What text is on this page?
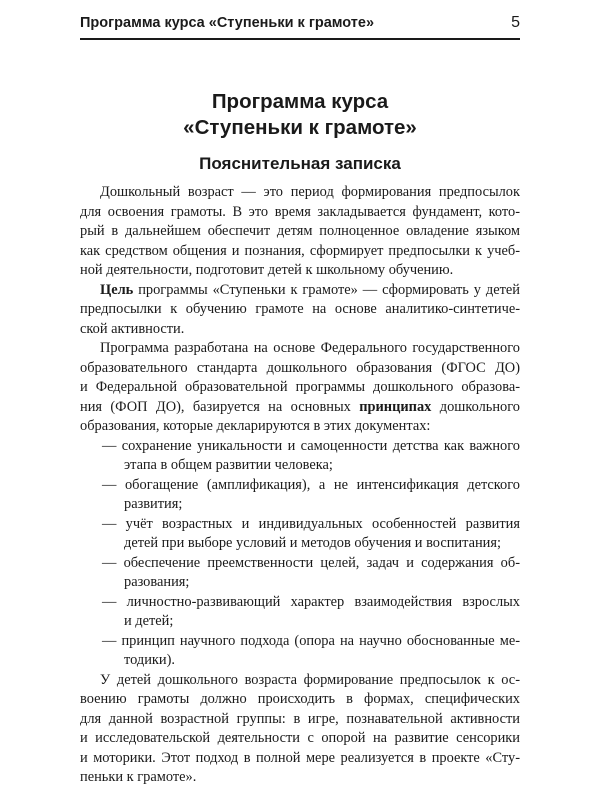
Программа курса «Ступеньки к грамоте»	5
Программа курса
«Ступеньки к грамоте»
Пояснительная записка
Дошкольный возраст — это период формирования предпосылок
для освоения грамоты. В это время закладывается фундамент, кото-
рый в дальнейшем обеспечит детям полноценное овладение языком
как средством общения и познания, сформирует предпосылки к учеб-
ной деятельности, подготовит детей к школьному обучению.
Цель программы «Ступеньки к грамоте» — сформировать у детей
предпосылки к обучению грамоте на основе аналитико-синтетиче-
ской активности.
Программа разработана на основе Федерального государственного
образовательного стандарта дошкольного образования (ФГОС ДО)
и Федеральной образовательной программы дошкольного образова-
ния (ФОП ДО), базируется на основных принципах дошкольного
образования, которые декларируются в этих документах:
— сохранение уникальности и самоценности детства как важного
этапа в общем развитии человека;
— обогащение (амплификация), а не интенсификация детского
развития;
— учёт возрастных и индивидуальных особенностей развития
детей при выборе условий и методов обучения и воспитания;
— обеспечение преемственности целей, задач и содержания об-
разования;
— личностно-развивающий характер взаимодействия взрослых
и детей;
— принцип научного подхода (опора на научно обоснованные ме-
тодики).
У детей дошкольного возраста формирование предпосылок к ос-
воению грамоты должно происходить в формах, специфических
для данной возрастной группы: в игре, познавательной активности
и исследовательской деятельности с опорой на развитие сенсорики
и моторики. Этот подход в полной мере реализуется в проекте «Сту-
пеньки к грамоте».
